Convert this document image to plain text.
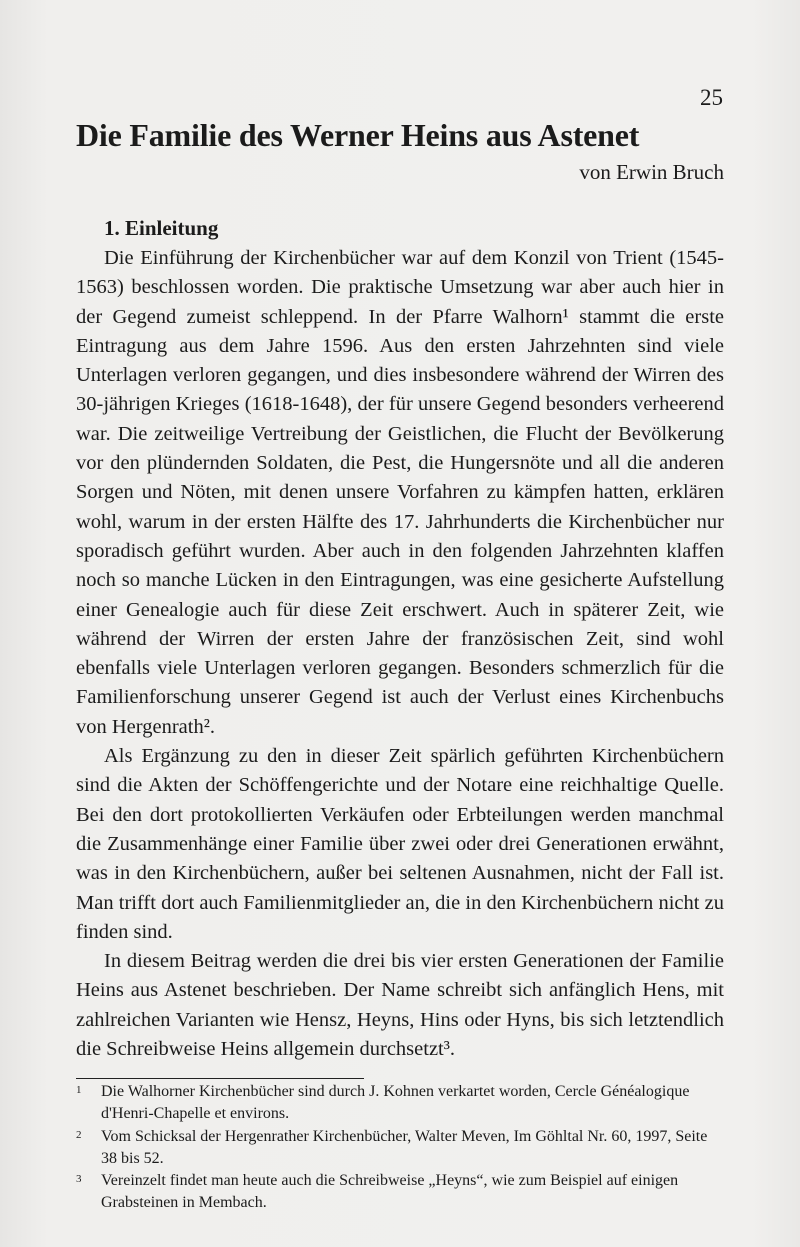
25
Die Familie des Werner Heins aus Astenet
von Erwin Bruch
1. Einleitung

Die Einführung der Kirchenbücher war auf dem Konzil von Trient (1545-1563) beschlossen worden. Die praktische Umsetzung war aber auch hier in der Gegend zumeist schleppend. In der Pfarre Walhorn¹ stammt die erste Eintragung aus dem Jahre 1596. Aus den ersten Jahrzehnten sind viele Unterlagen verloren gegangen, und dies insbesondere während der Wirren des 30-jährigen Krieges (1618-1648), der für unsere Gegend besonders verheerend war. Die zeitweilige Vertreibung der Geistlichen, die Flucht der Bevölkerung vor den plündernden Soldaten, die Pest, die Hungersnöte und all die anderen Sorgen und Nöten, mit denen unsere Vorfahren zu kämpfen hatten, erklären wohl, warum in der ersten Hälfte des 17. Jahrhunderts die Kirchenbücher nur sporadisch geführt wurden. Aber auch in den folgenden Jahrzehnten klaffen noch so manche Lücken in den Eintragungen, was eine gesicherte Aufstellung einer Genealogie auch für diese Zeit erschwert. Auch in späterer Zeit, wie während der Wirren der ersten Jahre der französischen Zeit, sind wohl ebenfalls viele Unterlagen verloren gegangen. Besonders schmerzlich für die Familienforschung unserer Gegend ist auch der Verlust eines Kirchenbuchs von Hergenrath².

Als Ergänzung zu den in dieser Zeit spärlich geführten Kirchenbüchern sind die Akten der Schöffengerichte und der Notare eine reichhaltige Quelle. Bei den dort protokollierten Verkäufen oder Erbteilungen werden manchmal die Zusammenhänge einer Familie über zwei oder drei Generationen erwähnt, was in den Kirchenbüchern, außer bei seltenen Ausnahmen, nicht der Fall ist. Man trifft dort auch Familienmitglieder an, die in den Kirchenbüchern nicht zu finden sind.

In diesem Beitrag werden die drei bis vier ersten Generationen der Familie Heins aus Astenet beschrieben. Der Name schreibt sich anfänglich Hens, mit zahlreichen Varianten wie Hensz, Heyns, Hins oder Hyns, bis sich letztendlich die Schreibweise Heins allgemein durchsetzt³.

1 Die Walhorner Kirchenbücher sind durch J. Kohnen verkartet worden, Cercle Généalogique d'Henri-Chapelle et environs.
2 Vom Schicksal der Hergenrather Kirchenbücher, Walter Meven, Im Göhltal Nr. 60, 1997, Seite 38 bis 52.
3 Vereinzelt findet man heute auch die Schreibweise „Heyns“, wie zum Beispiel auf einigen Grabsteinen in Membach.
